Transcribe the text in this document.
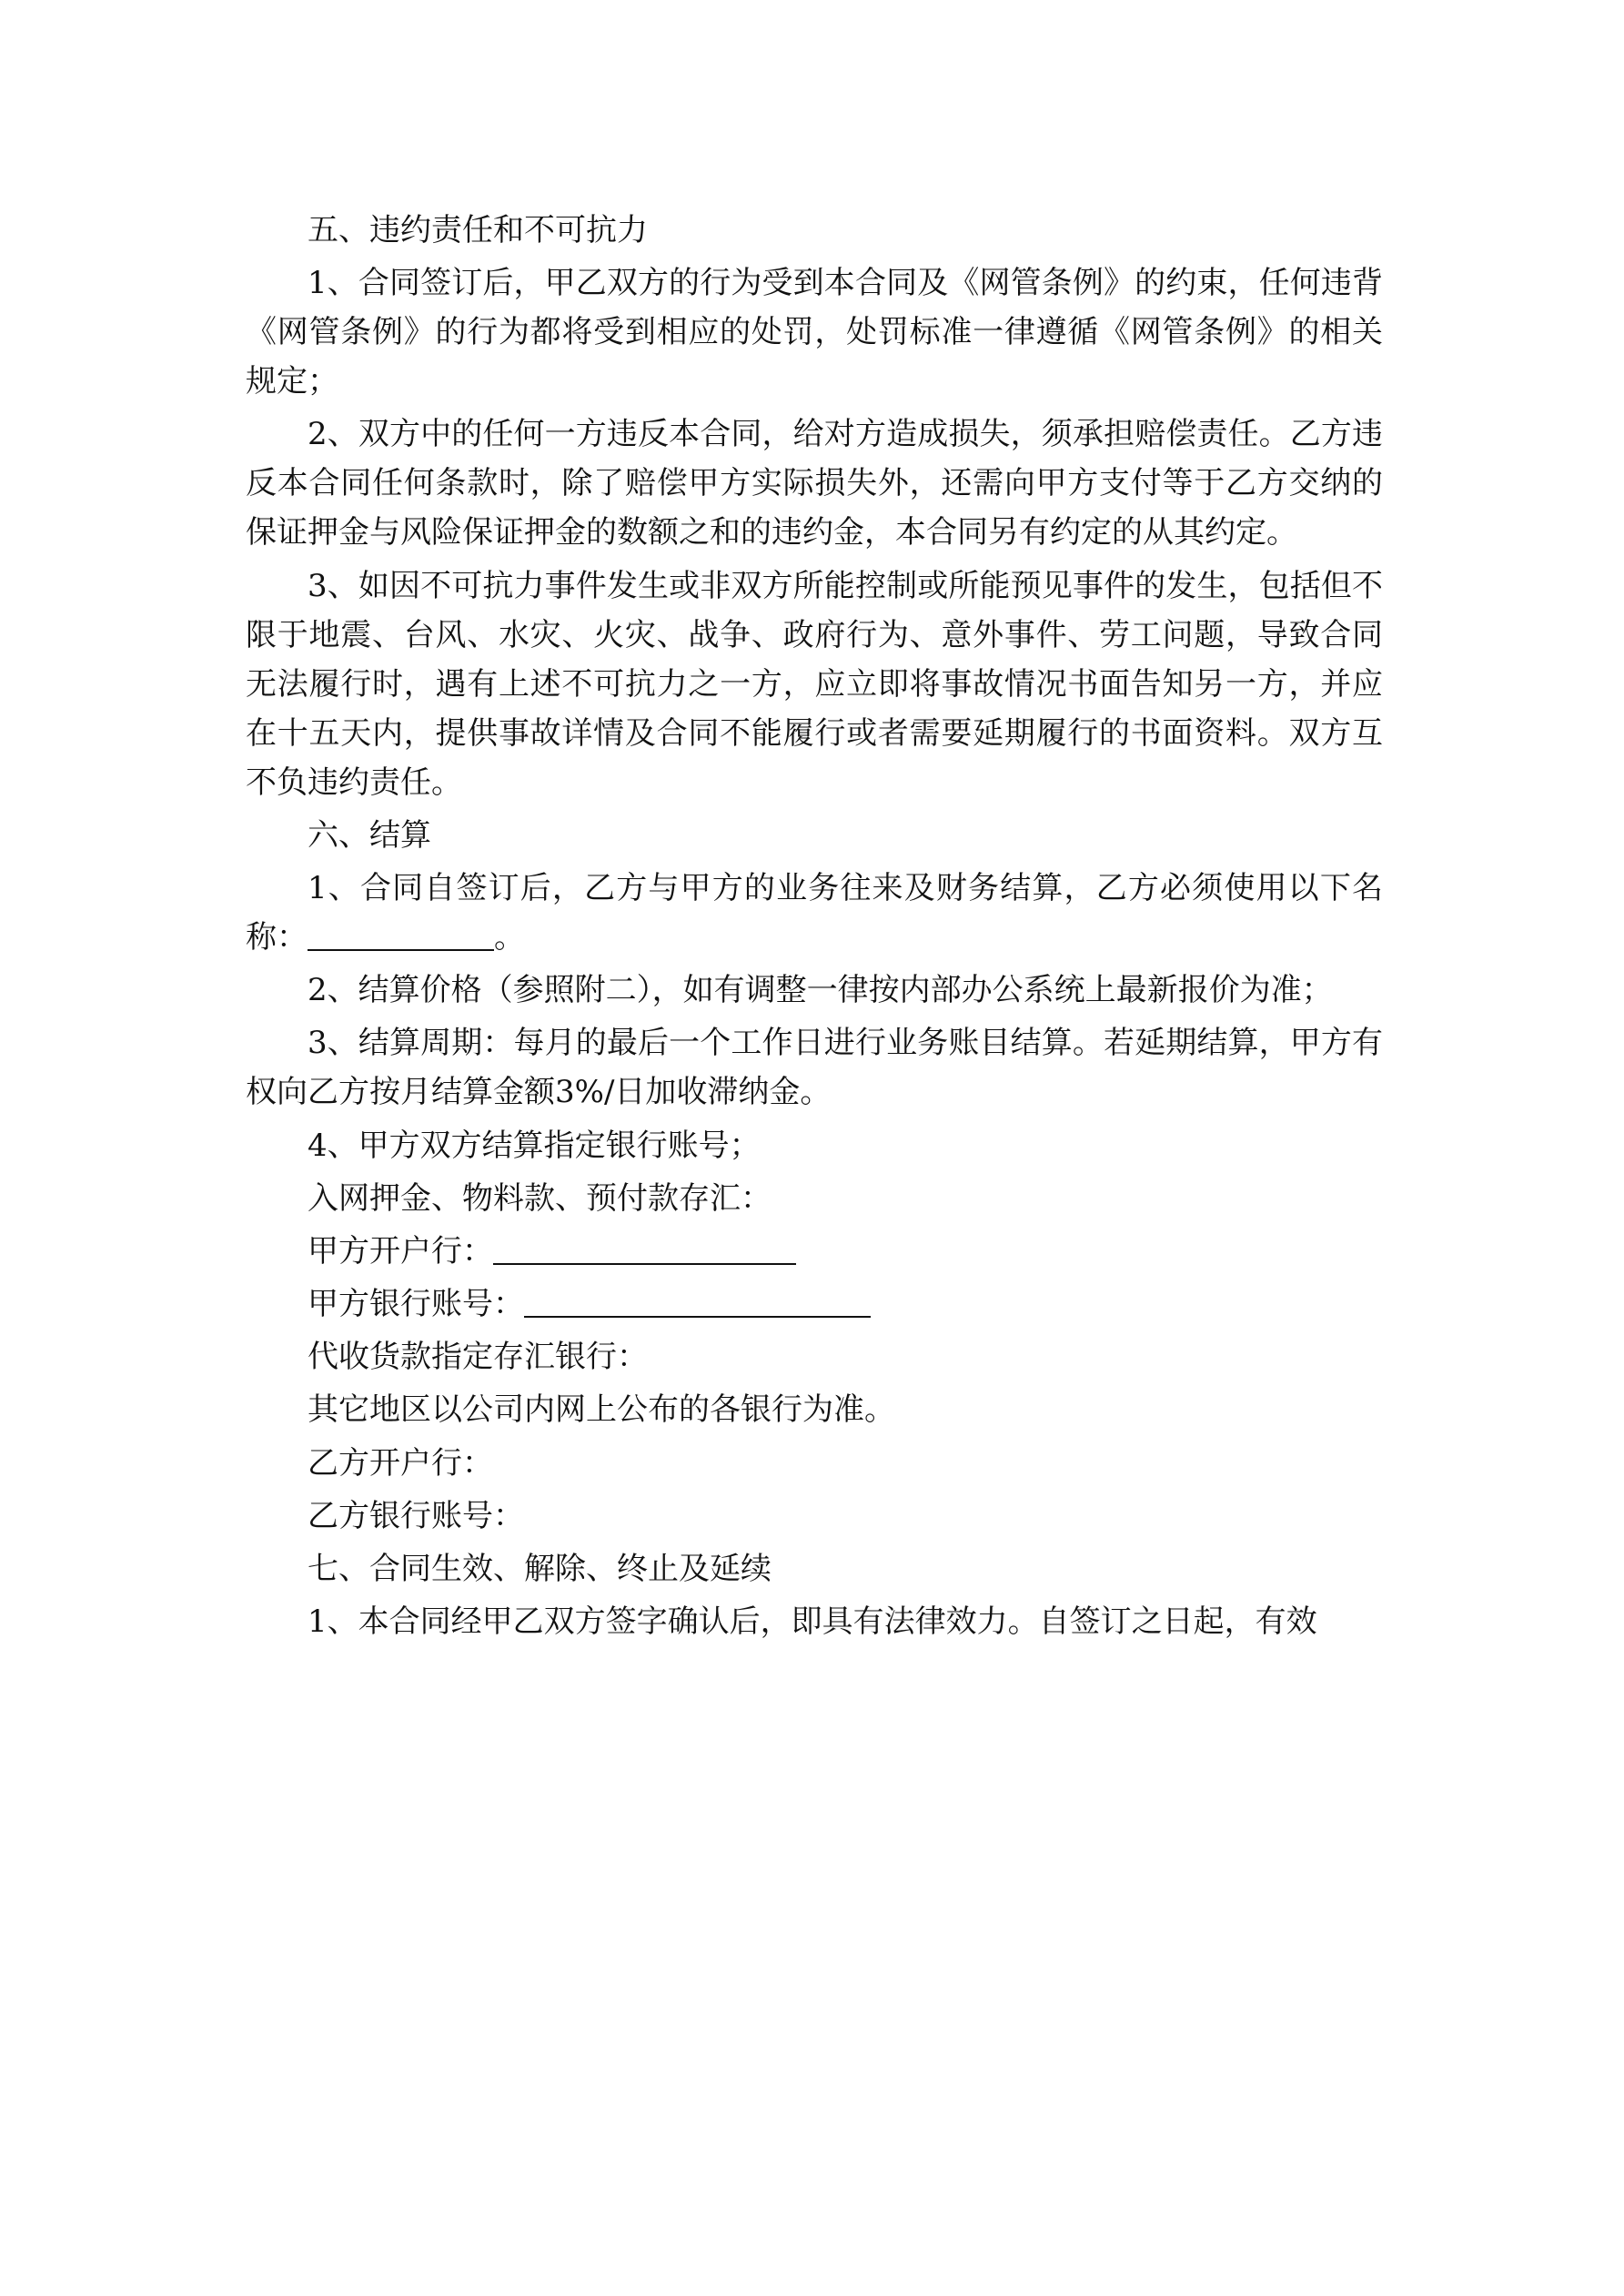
五、违约责任和不可抗力

1、合同签订后，甲乙双方的行为受到本合同及《网管条例》的约束，任何违背《网管条例》的行为都将受到相应的处罚，处罚标准一律遵循《网管条例》的相关规定；

2、双方中的任何一方违反本合同，给对方造成损失，须承担赔偿责任。乙方违反本合同任何条款时，除了赔偿甲方实际损失外，还需向甲方支付等于乙方交纳的保证押金与风险保证押金的数额之和的违约金，本合同另有约定的从其约定。

3、如因不可抗力事件发生或非双方所能控制或所能预见事件的发生，包括但不限于地震、台风、水灾、火灾、战争、政府行为、意外事件、劳工问题，导致合同无法履行时，遇有上述不可抗力之一方，应立即将事故情况书面告知另一方，并应在十五天内，提供事故详情及合同不能履行或者需要延期履行的书面资料。双方互不负违约责任。

六、结算

1、合同自签订后，乙方与甲方的业务往来及财务结算，乙方必须使用以下名称：	。

2、结算价格（参照附二），如有调整一律按内部办公系统上最新报价为准；

3、结算周期：每月的最后一个工作日进行业务账目结算。若延期结算，甲方有权向乙方按月结算金额3%/日加收滞纳金。

4、甲方双方结算指定银行账号；

入网押金、物料款、预付款存汇：

甲方开户行：

甲方银行账号：

代收货款指定存汇银行：

其它地区以公司内网上公布的各银行为准。

乙方开户行：

乙方银行账号：

七、合同生效、解除、终止及延续

1、本合同经甲乙双方签字确认后，即具有法律效力。自签订之日起，有效
